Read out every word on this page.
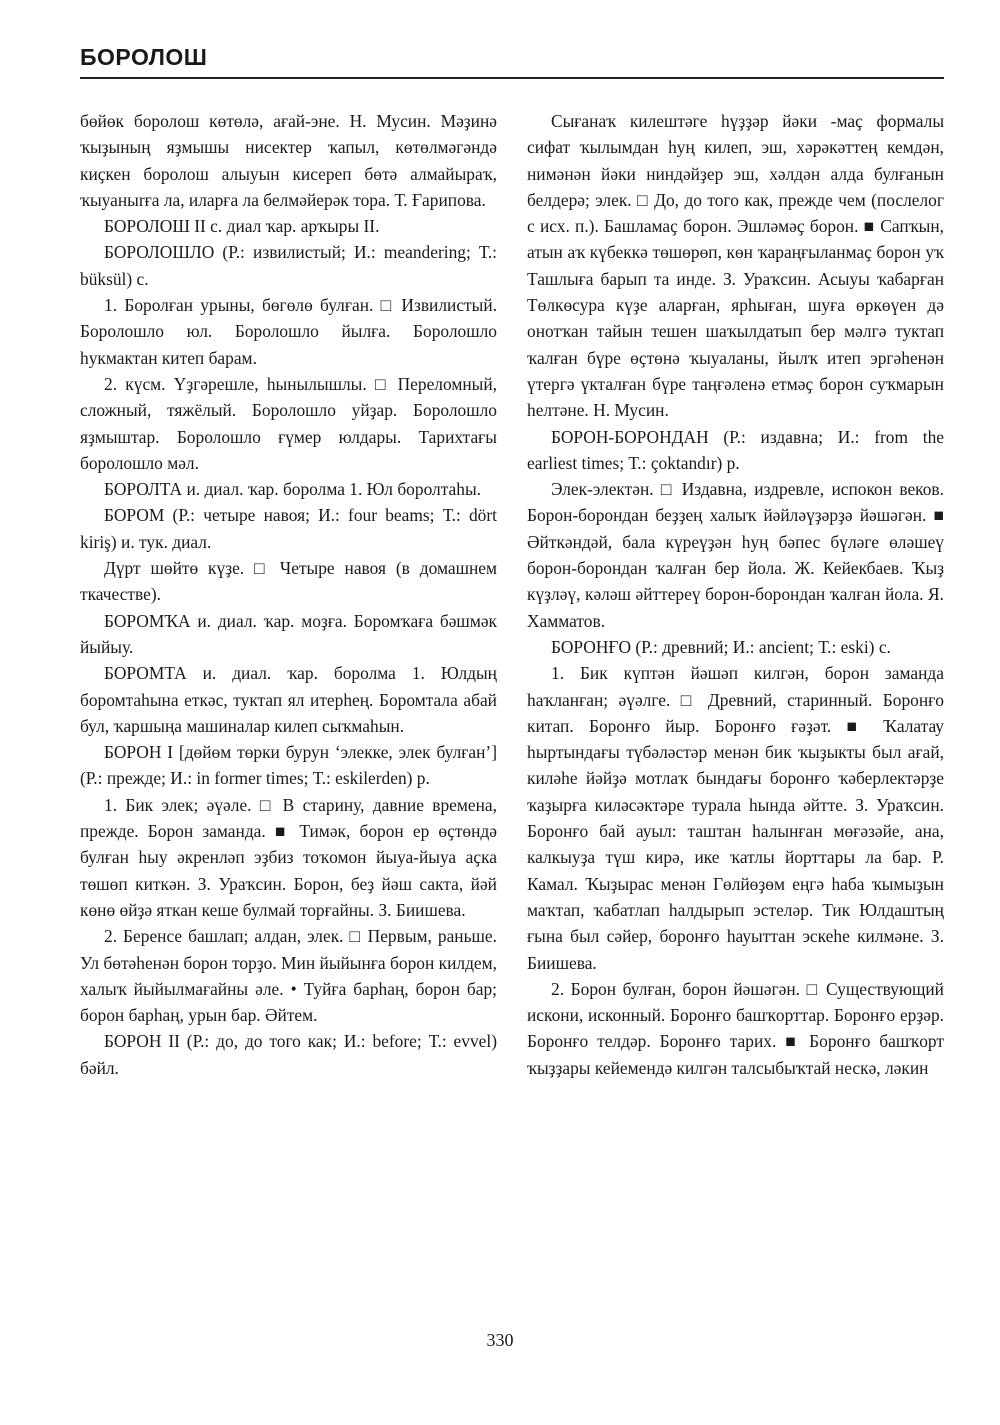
БОРОЛОШ

бөйөк боролош көтөлә, ағай-эне. Н. Мусин. Мәҙинә ҡыҙының яҙмышы нисектер ҡапыл, көтөлмәгәндә киҫкен боролош алыуын кисереп бөтә алмайыраҡ, ҡыуаныrға ла, иларға ла белмәйерәк тора. Т. Ғарипова.

БОРОЛОШ II с. диал ҡар. арҡыры II.

БОРОЛОШЛО (Р.: извилистый; И.: meandering; Т.: büksül) с.

1. Боролған урыны, бөгөлө булған. □ Извилистый. Боролошло юл. Боролошло йылға. Боролошло һукмактан китеп барам.

2. күсм. Үҙгәрешле, һынылышлы. □ Переломный, сложный, тяжёлый. Боролошло уйҙар. Боролошло яҙмыштар. Боролошло ғүмер юлдары. Тарихтағы боролошло мәл.

БОРОЛТА и. диал. ҡар. боролма 1. Юл боролтаһы.

БОРОМ (Р.: четыре навоя; И.: four beams; Т.: dört kiriş) и. тук. диал.

Дүрт шөйтө күҙе. □ Четыре навоя (в домашнем ткачестве).

БОРОМҠА и. диал. ҡар. моҙға. Боромҡаға бәшмәк йыйыу.

БОРОМТА и. диал. ҡар. боролма 1. Юлдың боромтаһына еткәс, туктап ял итерһең. Боромтала абай бул, ҡаршыңа машиналар килеп сыҡмаһын.

БОРОН I [дөйөм төрки бурун ‘элекке, элек булған’] (Р.: прежде; И.: in former times; Т.: eskilerden) р.

1. Бик элек; әүәле. □ В старину, давние времена, прежде. Борон заманда. ■ Тимәк, борон ер өҫтөндә булған һыу әкренләп эҙбиз тоҡомон йыуа-йыуа аҫка төшөп киткән. З. Ураҡсин. Борон, беҙ йәш сакта, йәй көнө өйҙә яткан кеше булмай торғайны. З. Биишева.

2. Беренсе башлап; алдан, элек. □ Первым, раньше. Ул бөтәһенән борон торҙо. Мин йыйынға борон килдем, халыҡ йыйылмағайны әле. • Туйға барһаң, борон бар; борон барһаң, урын бар. Әйтем.

БОРОН II (Р.: до, до того как; И.: before; Т.: evvel) бәйл.

Сығанаҡ килештәге һүҙҙәр йәки -маҫ формалы сифат ҡылымдан һуң килеп, эш, хәрәкәттең кемдән, нимәнән йәки ниндәйҙер эш, хәлдән алда булғанын белдерә; элек. □ До, до того как, прежде чем (послелог с исх. п.). Башламаҫ борон. Эшләмәҫ борон. ■ Сапҡын, атын аҡ күбеккә төшөрөп, көн ҡараңғыланмаҫ борон уҡ Ташлыға барып та инде. З. Ураҡсин. Асыуы ҡабарған Төлкөсура күҙе аларған, ярһыған, шуға өркөүен дә онотҡан тайын тешен шаҡылдатып бер мәлгә туктап ҡалған бүре өҫтөнә ҡыуаланы, йылҡ итеп эргәһенән үтергә үкталған бүре таңғәленә етмәҫ борон суҡмарын һелтәне. Н. Мусин.

БОРОН-БОРОНДАН (Р.: издавна; И.: from the earliest times; Т.: çoktandır) р.

Элек-электән. □ Издавна, издревле, испокон веков. Борон-борондан беҙҙең халыҡ йәйләүҙәрҙә йәшәгән. ■ Әйткәндәй, бала күреүҙән һуң бәпес бүләге өләшеү борон-борондан ҡалған бер йола. Ж. Кейекбаев. Ҡыҙ күҙләү, кәләш әйттереү борон-борондан ҡалған йола. Я. Хамматов.

БОРОНҒО (Р.: древний; И.: ancient; Т.: eski) с.

1. Бик күптән йәшәп килгән, борон заманда һаҡланған; әүәлге. □ Древний, старинный. Боронғо китап. Боронғо йыр. Боронғо ғәҙәт. ■ Ҡалатау һыртындағы түбәләстәр менән бик ҡыҙыкты был ағай, киләһе йәйҙә мотлаҡ бындағы боронғо ҡәберлектәрҙе ҡаҙырға киләсәктәре турала һында әйтте. З. Ураҡсин. Боронғо бай ауыл: таштан һалынған мөғәзәйе, ана, калкыуҙа түш кирә, ике ҡатлы йорттары ла бар. Р. Камал. Ҡыҙырас менән Гөлйөҙөм еңгә һаба ҡымыҙын маҡтап, ҡабатлап һалдырып эстеләр. Тик Юлдаштың ғына был сәйер, боронғо һауыттан эскеһе килмәне. З. Биишева.

2. Борон булған, борон йәшәгән. □ Существующий искони, исконный. Боронғо башҡорттар. Боронғо ерҙәр. Боронғо телдәр. Боронғо тарих. ■ Боронғо башҡорт ҡыҙҙары кейемендә килгән талсыбыҡтай нескә, ләкин

330
